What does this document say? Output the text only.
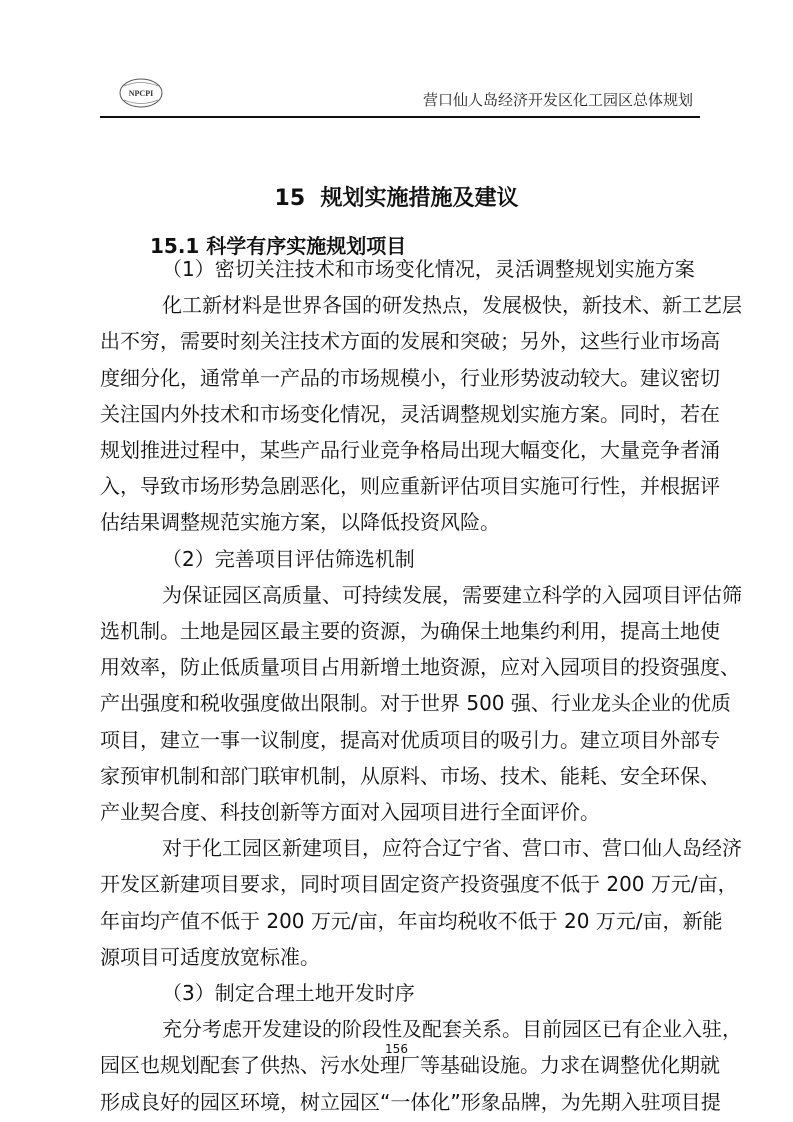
NPCPI	营口仙人岛经济开发区化工园区总体规划
15  规划实施措施及建议
15.1 科学有序实施规划项目
（1）密切关注技术和市场变化情况，灵活调整规划实施方案
化工新材料是世界各国的研发热点，发展极快，新技术、新工艺层
出不穷，需要时刻关注技术方面的发展和突破；另外，这些行业市场高
度细分化，通常单一产品的市场规模小，行业形势波动较大。建议密切
关注国内外技术和市场变化情况，灵活调整规划实施方案。同时，若在
规划推进过程中，某些产品行业竞争格局出现大幅变化，大量竞争者涌
入，导致市场形势急剧恶化，则应重新评估项目实施可行性，并根据评
估结果调整规范实施方案，以降低投资风险。
（2）完善项目评估筛选机制
为保证园区高质量、可持续发展，需要建立科学的入园项目评估筛
选机制。土地是园区最主要的资源，为确保土地集约利用，提高土地使
用效率，防止低质量项目占用新增土地资源，应对入园项目的投资强度、
产出强度和税收强度做出限制。对于世界 500 强、行业龙头企业的优质
项目，建立一事一议制度，提高对优质项目的吸引力。建立项目外部专
家预审机制和部门联审机制，从原料、市场、技术、能耗、安全环保、
产业契合度、科技创新等方面对入园项目进行全面评价。
对于化工园区新建项目，应符合辽宁省、营口市、营口仙人岛经济
开发区新建项目要求，同时项目固定资产投资强度不低于 200 万元/亩，
年亩均产值不低于 200 万元/亩，年亩均税收不低于 20 万元/亩，新能
源项目可适度放宽标准。
（3）制定合理土地开发时序
充分考虑开发建设的阶段性及配套关系。目前园区已有企业入驻，
园区也规划配套了供热、污水处理厂等基础设施。力求在调整优化期就
形成良好的园区环境，树立园区“一体化”形象品牌，为先期入驻项目提
156
